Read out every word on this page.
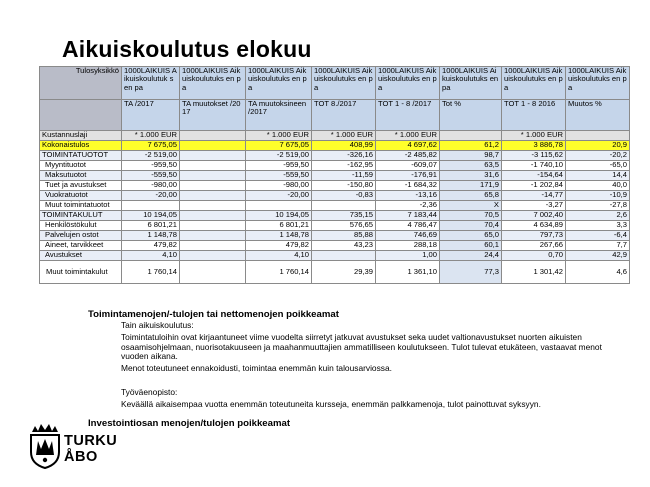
Aikuiskoulutus elokuu
Tulosyksikkö	1000LAIKUIS Aikuiskoulutuk sen pa	1000LAIKUIS Aikuiskoulutuks en pa	1000LAIKUIS Aikuiskoulutuks en pa	1000LAIKUIS Aikuiskoulutuks en pa	1000LAIKUIS Aikuiskoulutuks en pa	1000LAIKUIS Aikuiskoulutuks en pa	1000LAIKUIS Aikuiskoulutuks en pa	1000LAIKUIS Aikuiskoulutuks en pa
	TA /2017	TA muutokset /2017	TA muutoksineen /2017	TOT 8./2017	TOT 1 - 8 /2017	Tot %	TOT 1 - 8 2016	Muutos %
Kustannuslaji	* 1.000 EUR		* 1.000 EUR	* 1.000 EUR	* 1.000 EUR		* 1.000 EUR	
Kokonaistulos	7 675,05		7 675,05	408,99	4 697,62	61,2	3 886,78	20,9
TOIMINTATUOTOT	-2 519,00		-2 519,00	-326,16	-2 485,82	98,7	-3 115,62	-20,2
Myyntituotot	-959,50		-959,50	-162,95	-609,07	63,5	-1 740,10	-65,0
Maksutuotot	-559,50		-559,50	-11,59	-176,91	31,6	-154,64	14,4
Tuet ja avustukset	-980,00		-980,00	-150,80	-1 684,32	171,9	-1 202,84	40,0
Vuokratuotot	-20,00		-20,00	-0,83	-13,16	65,8	-14,77	-10,9
Muut toimintatuotot					-2,36	X	-3,27	-27,8
TOIMINTAKULUT	10 194,05		10 194,05	735,15	7 183,44	70,5	7 002,40	2,6
Henkilöstökulut	6 801,21		6 801,21	576,65	4 786,47	70,4	4 634,89	3,3
Palvelujen ostot	1 148,78		1 148,78	85,88	746,69	65,0	797,73	-6,4
Aineet, tarvikkeet	479,82		479,82	43,23	288,18	60,1	267,66	7,7
Avustukset	4,10		4,10		1,00	24,4	0,70	42,9
Muut toimintakulut	1 760,14		1 760,14	29,39	1 361,10	77,3	1 301,42	4,6
Toimintamenojen/-tulojen tai nettomenojen poikkeamat
Tain aikuiskoulutus:
Toimintatuloihin ovat kirjaantuneet viime vuodelta siirretyt jatkuvat avustukset seka uudet valtionavustukset nuorten aikuisten osaamisohjelmaan, nuorisotakuuseen ja maahanmuuttajien ammatilliseen koulutukseen. Tulot tulevat etukäteen, vastaavat menot vuoden aikana.
Menot toteutuneet ennakoidusti, toimintaa enemmän kuin talousarviossa.
Työväenopisto:
Keväällä aikaisempaa vuotta enemmän toteutuneita kursseja, enemmän palkkamenoja, tulot painottuvat syksyyn.
Investointiosan menojen/tulojen poikkeamat
TURKU
ÅBO
